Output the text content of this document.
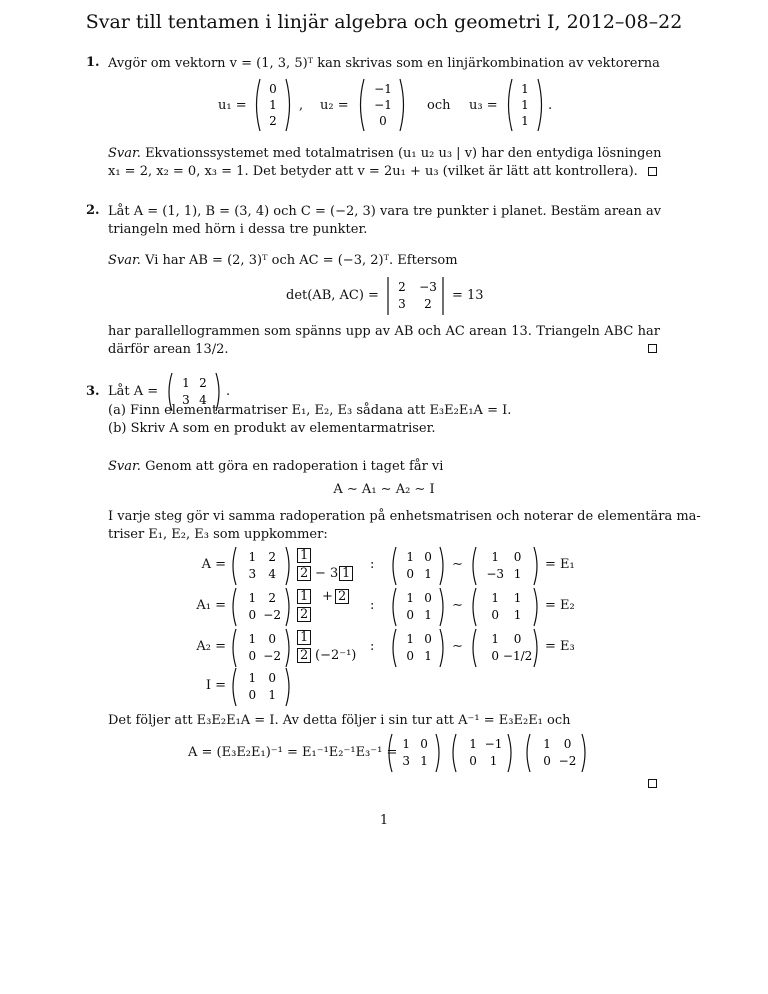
Svar till tentamen i linjär algebra och geometri I, 2012–08–22
1. Avgör om vektorn v = (1, 3, 5)ᵀ kan skrivas som en linjärkombination av vektorerna
u₁ =
0
1
2
, u₂ =
−1
−1
0
och u₃ =
1
1
1
.
Svar. Ekvationssystemet med totalmatrisen (u₁ u₂ u₃ | v) har den entydiga lösningen
x₁ = 2, x₂ = 0, x₃ = 1. Det betyder att v = 2u₁ + u₃ (vilket är lätt att kontrollera).
2. Låt A = (1, 1), B = (3, 4) och C = (−2, 3) vara tre punkter i planet. Bestäm arean av
triangeln med hörn i dessa tre punkter.
Svar. Vi har AB = (2, 3)ᵀ och AC = (−3, 2)ᵀ. Eftersom
det(AB, AC) =
2 −3
3 2
= 13
har parallellogrammen som spänns upp av AB och AC arean 13. Triangeln ABC har
därför arean 13/2.
3. Låt A =
1 2
3 4
.
(a) Finn elementarmatriser E₁, E₂, E₃ sådana att E₃E₂E₁A = I.
(b) Skriv A som en produkt av elementarmatriser.
Svar. Genom att göra en radoperation i taget får vi
A ∼ A₁ ∼ A₂ ∼ I
I varje steg gör vi samma radoperation på enhetsmatrisen och noterar de elementära ma-
triser E₁, E₂, E₃ som uppkommer:
A = 1 2
3 4
1
2 − 3 1
:	1 0
0 1
∼ 1 0
−3 1
= E₁
A₁ = 1 2
0 −2
1 + 2
2
:	1 0
0 1
∼ 1 1
0 1
= E₂
A₂ = 1 0
0 −2
1
2 (−2⁻¹)
:	1 0
0 1
∼ 1 0
0 −1/2
= E₃
I = 1 0
0 1
Det följer att E₃E₂E₁A = I. Av detta följer i sin tur att A⁻¹ = E₃E₂E₁ och
A = (E₃E₂E₁)⁻¹ = E₁⁻¹E₂⁻¹E₃⁻¹ =
1 0
3 1
1 −1
0 1
1 0
0 −2
1
